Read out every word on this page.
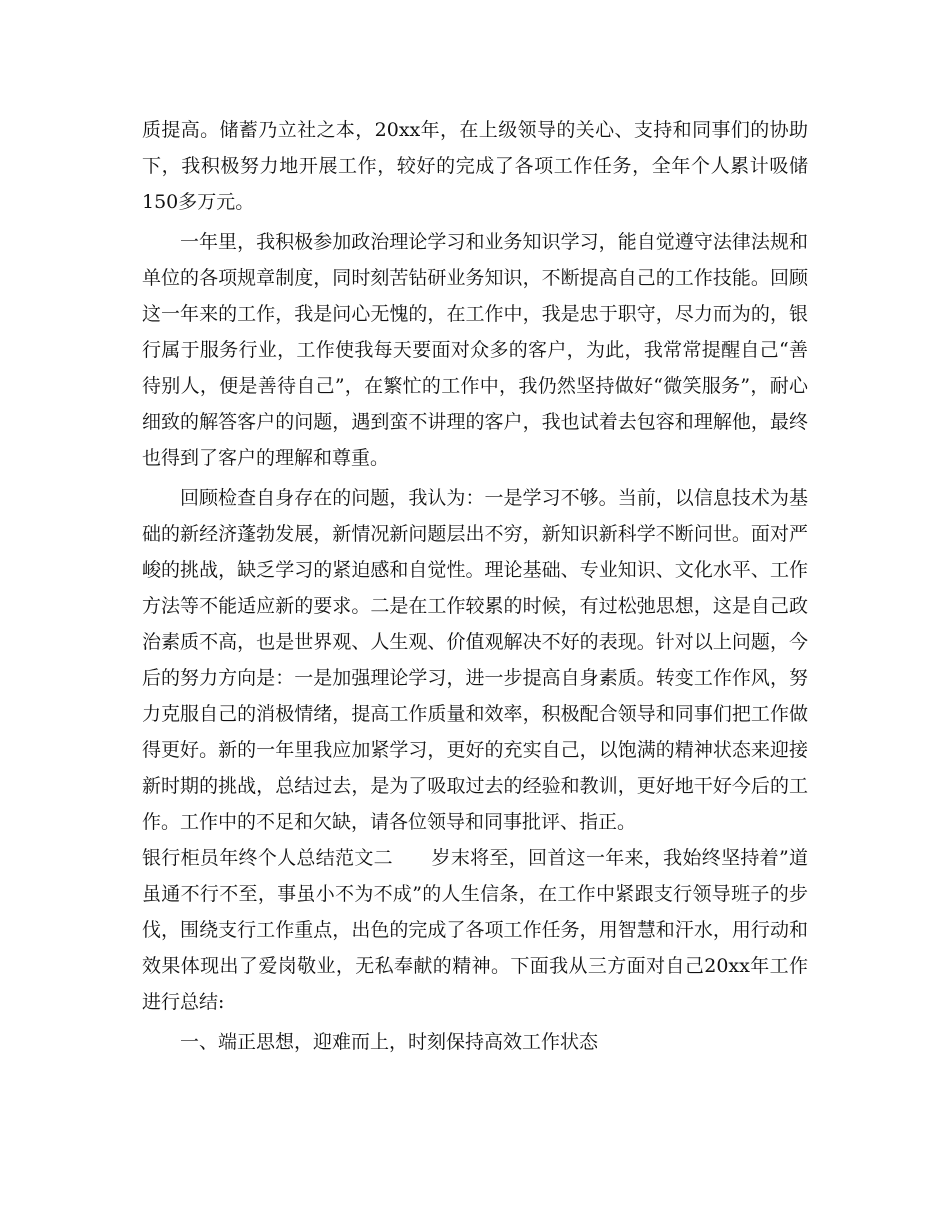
质提高。储蓄乃立社之本，20xx年，在上级领导的关心、支持和同事们的协助下，我积极努力地开展工作，较好的完成了各项工作任务，全年个人累计吸储150多万元。

一年里，我积极参加政治理论学习和业务知识学习，能自觉遵守法律法规和单位的各项规章制度，同时刻苦钻研业务知识，不断提高自己的工作技能。回顾这一年来的工作，我是问心无愧的，在工作中，我是忠于职守，尽力而为的，银行属于服务行业，工作使我每天要面对众多的客户，为此，我常常提醒自己“善待别人，便是善待自己”，在繁忙的工作中，我仍然坚持做好“微笑服务”，耐心细致的解答客户的问题，遇到蛮不讲理的客户，我也试着去包容和理解他，最终也得到了客户的理解和尊重。

回顾检查自身存在的问题，我认为：一是学习不够。当前，以信息技术为基础的新经济蓬勃发展，新情况新问题层出不穷，新知识新科学不断问世。面对严峻的挑战，缺乏学习的紧迫感和自觉性。理论基础、专业知识、文化水平、工作方法等不能适应新的要求。二是在工作较累的时候，有过松弛思想，这是自己政治素质不高，也是世界观、人生观、价值观解决不好的表现。针对以上问题，今后的努力方向是：一是加强理论学习，进一步提高自身素质。转变工作作风，努力克服自己的消极情绪，提高工作质量和效率，积极配合领导和同事们把工作做得更好。新的一年里我应加紧学习，更好的充实自己，以饱满的精神状态来迎接新时期的挑战，总结过去，是为了吸取过去的经验和教训，更好地干好今后的工作。工作中的不足和欠缺，请各位领导和同事批评、指正。

银行柜员年终个人总结范文二　　岁末将至，回首这一年来，我始终坚持着”道虽通不行不至，事虽小不为不成”的人生信条，在工作中紧跟支行领导班子的步伐，围绕支行工作重点，出色的完成了各项工作任务，用智慧和汗水，用行动和效果体现出了爱岗敬业，无私奉献的精神。下面我从三方面对自己20xx年工作进行总结:

一、端正思想，迎难而上，时刻保持高效工作状态
